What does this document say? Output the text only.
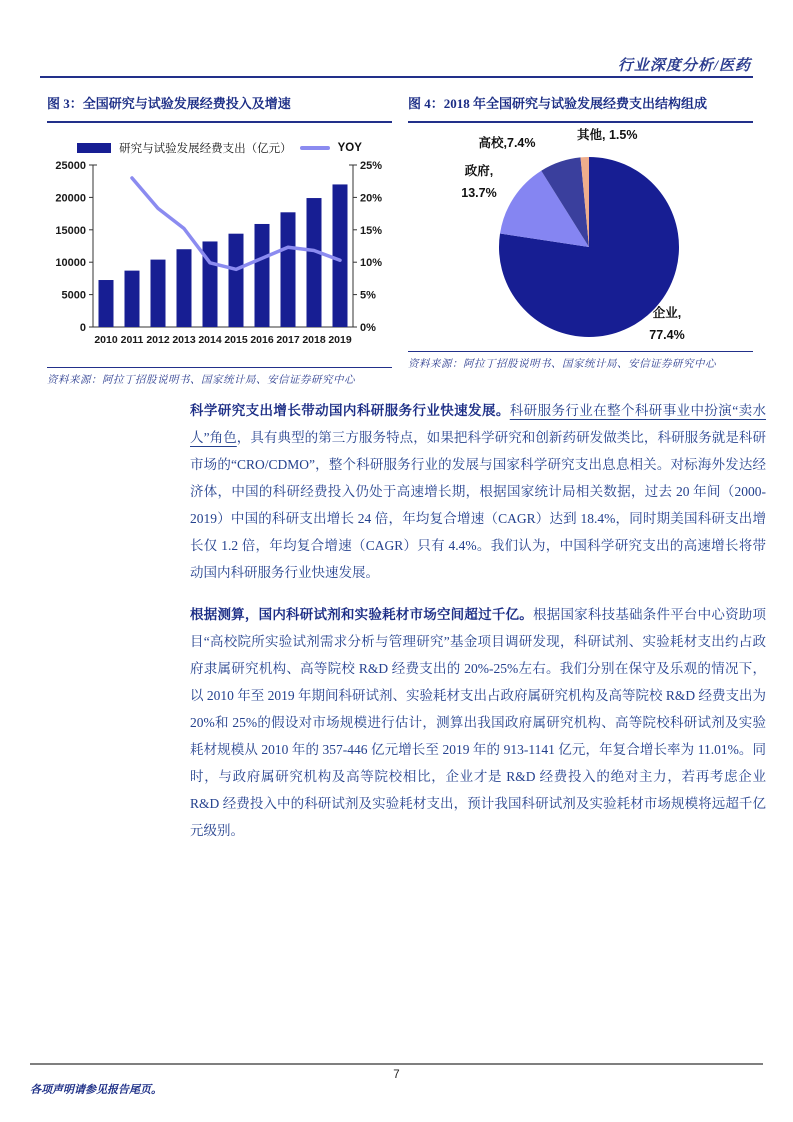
行业深度分析/医药
图 3：全国研究与试验发展经费投入及增速
研究与试验发展经费支出（亿元）	YOY
0
5000
10000
15000
20000
25000
0%
5%
10%
15%
20%
25%
2010 2011 2012 2013 2014 2015 2016 2017 2018 2019
资料来源：阿拉丁招股说明书、国家统计局、安信证券研究中心
图 4：2018 年全国研究与试验发展经费支出结构组成
企业,
77.4%
政府,
13.7%
高校,7.4%
其他, 1.5%
资料来源：阿拉丁招股说明书、国家统计局、安信证券研究中心

科学研究支出增长带动国内科研服务行业快速发展。科研服务行业在整个科研事业中扮演“卖水人”角色，具有典型的第三方服务特点，如果把科学研究和创新药研发做类比，科研服务就是科研市场的“CRO/CDMO”，整个科研服务行业的发展与国家科学研究支出息息相关。对标海外发达经济体，中国的科研经费投入仍处于高速增长期，根据国家统计局相关数据，过去 20 年间（2000-2019）中国的科研支出增长 24 倍，年均复合增速（CAGR）达到 18.4%，同时期美国科研支出增长仅 1.2 倍，年均复合增速（CAGR）只有 4.4%。我们认为，中国科学研究支出的高速增长将带动国内科研服务行业快速发展。

根据测算，国内科研试剂和实验耗材市场空间超过千亿。根据国家科技基础条件平台中心资助项目“高校院所实验试剂需求分析与管理研究”基金项目调研发现，科研试剂、实验耗材支出约占政府隶属研究机构、高等院校 R&D 经费支出的 20%-25%左右。我们分别在保守及乐观的情况下，以 2010 年至 2019 年期间科研试剂、实验耗材支出占政府属研究机构及高等院校 R&D 经费支出为 20%和 25%的假设对市场规模进行估计，测算出我国政府属研究机构、高等院校科研试剂及实验耗材规模从 2010 年的 357-446 亿元增长至 2019 年的 913-1141 亿元，年复合增长率为 11.01%。同时，与政府属研究机构及高等院校相比，企业才是 R&D 经费投入的绝对主力，若再考虑企业 R&D 经费投入中的科研试剂及实验耗材支出，预计我国科研试剂及实验耗材市场规模将远超千亿元级别。

7
各项声明请参见报告尾页。
